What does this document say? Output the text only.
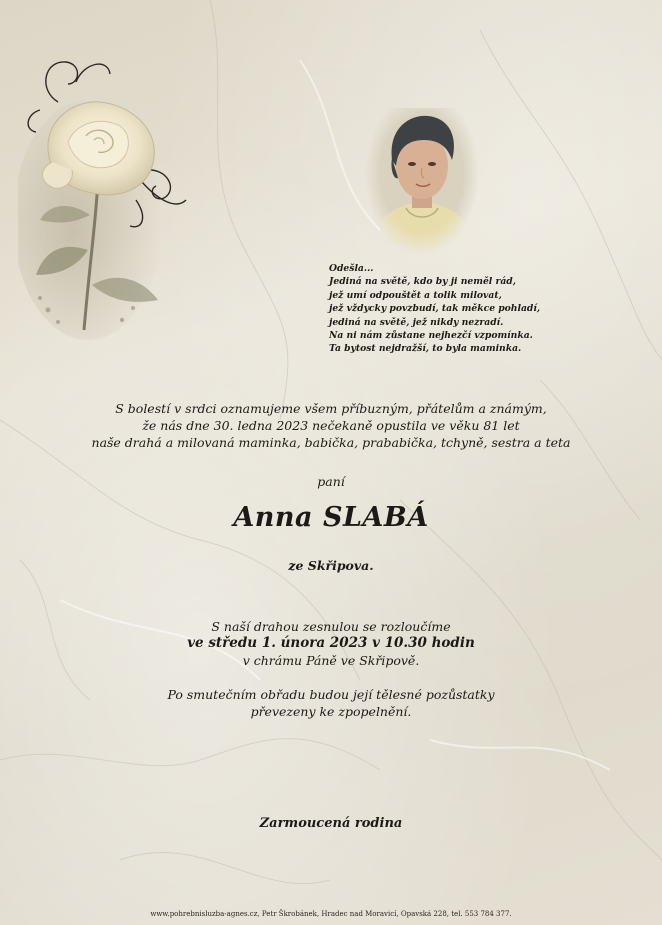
Odešla...
Jediná na světě, kdo by ji neměl rád,
jež umí odpouštět a tolik milovat,
jež vždycky povzbudí, tak měkce pohladí,
jediná na světě, jež nikdy nezradí.
Na ni nám zůstane nejhezčí vzpomínka.
Ta bytost nejdražší, to byla maminka.
S bolestí v srdci oznamujeme všem příbuzným, přátelům a známým,
že nás dne 30. ledna 2023 nečekaně opustila ve věku 81 let
naše drahá a milovaná maminka, babička, prababička, tchyně, sestra a teta
paní
Anna SLABÁ
ze Skřipova.
S naší drahou zesnulou se rozloučíme
ve středu 1. února 2023 v 10.30 hodin
v chrámu Páně ve Skřipově.
Po smutečním obřadu budou její tělesné pozůstatky
převezeny ke zpopelnění.
Zarmoucená rodina
www.pohrebnisluzba-agnes.cz, Petr Škrobánek, Hradec nad Moravicí, Opavská 228, tel. 553 784 377.
